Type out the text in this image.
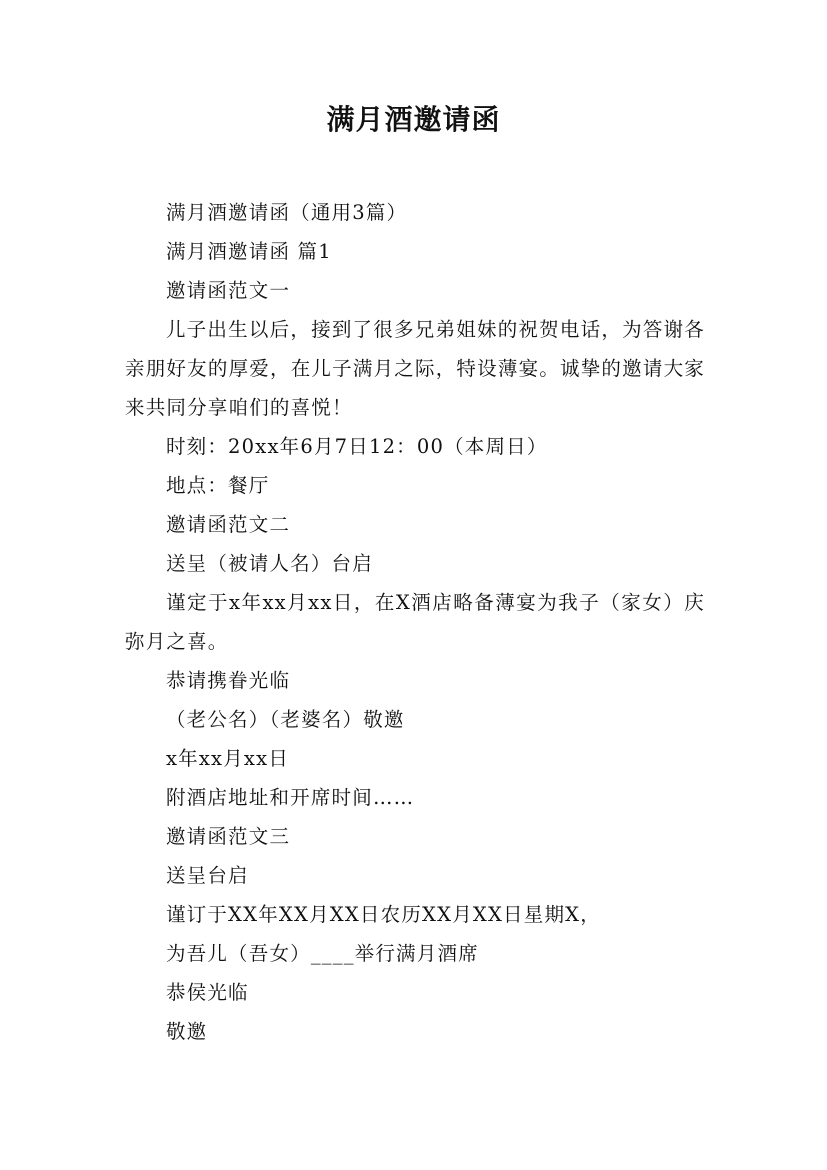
满月酒邀请函

满月酒邀请函（通用3篇）

满月酒邀请函 篇1

邀请函范文一

儿子出生以后，接到了很多兄弟姐妹的祝贺电话，为答谢各亲朋好友的厚爱，在儿子满月之际，特设薄宴。诚挚的邀请大家来共同分享咱们的喜悦！

时刻：20xx年6月7日12：00（本周日）

地点：餐厅

邀请函范文二

送呈（被请人名）台启

谨定于x年xx月xx日，在X酒店略备薄宴为我子（家女）庆弥月之喜。

恭请携眷光临

（老公名）（老婆名）敬邀

x年xx月xx日

附酒店地址和开席时间……

邀请函范文三

送呈台启

谨订于XX年XX月XX日农历XX月XX日星期X，

为吾儿（吾女）____举行满月酒席

恭侯光临

敬邀
